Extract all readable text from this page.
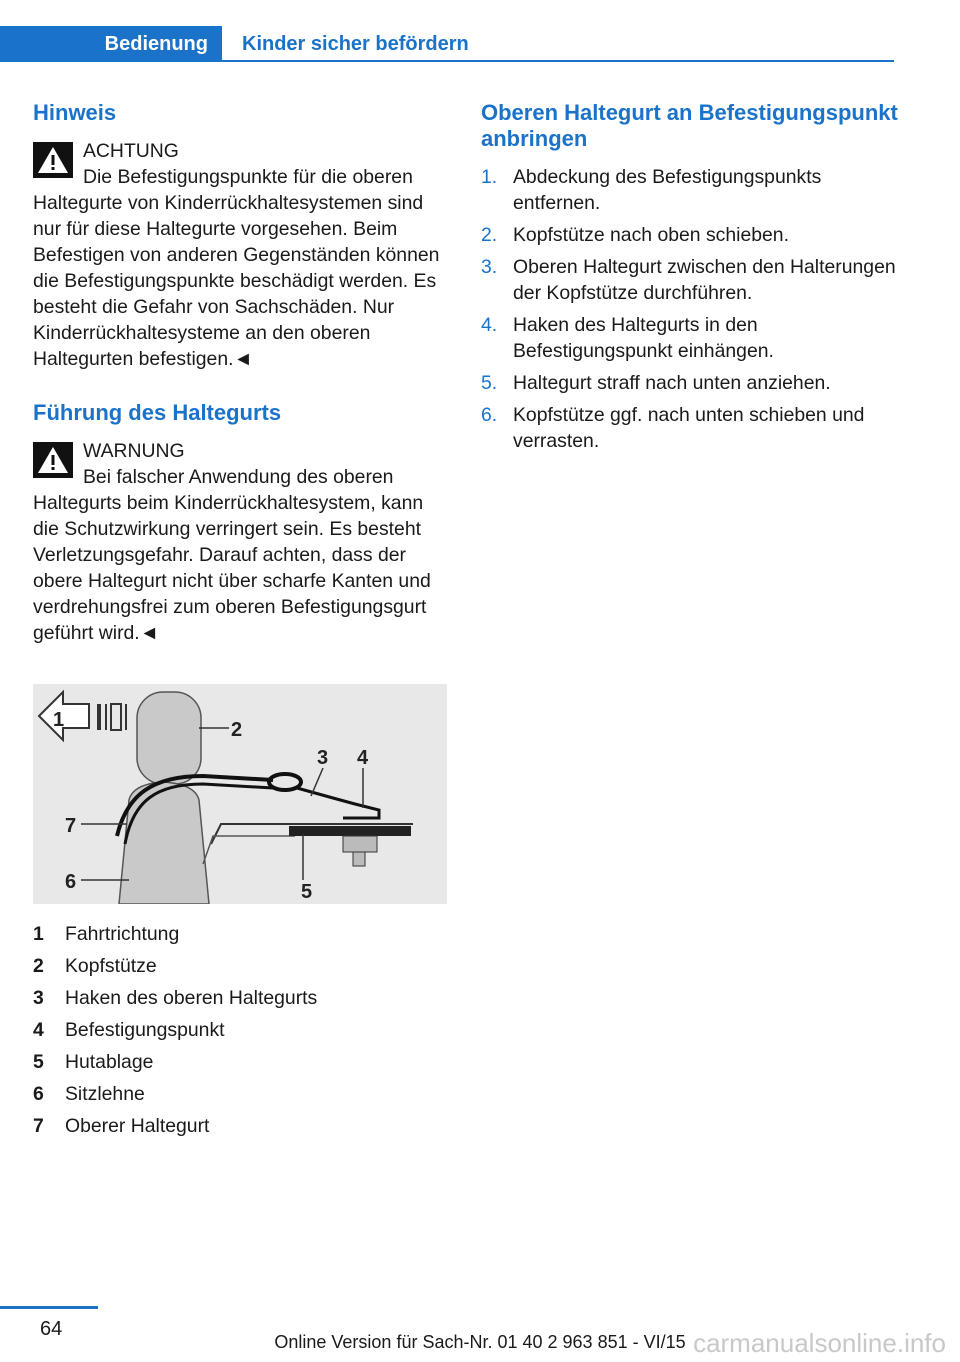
Bedienung	Kinder sicher befördern
Hinweis
ACHTUNG
Die Befestigungspunkte für die oberen Haltegurte von Kinderrückhaltesystemen sind nur für diese Haltegurte vorgesehen. Beim Befestigen von anderen Gegenständen können die Befestigungspunkte beschädigt werden. Es besteht die Gefahr von Sachschäden. Nur Kinderrückhaltesysteme an den oberen Haltegurten befestigen.◄
Führung des Haltegurts
WARNUNG
Bei falscher Anwendung des oberen Haltegurts beim Kinderrückhaltesystem, kann die Schutzwirkung verringert sein. Es besteht Verletzungsgefahr. Darauf achten, dass der obere Haltegurt nicht über scharfe Kanten und verdrehungsfrei zum oberen Befestigungsgurt geführt wird.◄
1	2
3 4
5
6
7
1	Fahrtrichtung
2	Kopfstütze
3	Haken des oberen Haltegurts
4	Befestigungspunkt
5	Hutablage
6	Sitzlehne
7	Oberer Haltegurt
Oberen Haltegurt an Befestigungspunkt anbringen
1. Abdeckung des Befestigungspunkts entfernen.
2. Kopfstütze nach oben schieben.
3. Oberen Haltegurt zwischen den Halterungen der Kopfstütze durchführen.
4. Haken des Haltegurts in den Befestigungspunkt einhängen.
5. Haltegurt straff nach unten anziehen.
6. Kopfstütze ggf. nach unten schieben und verrasten.
64
Online Version für Sach-Nr. 01 40 2 963 851 - VI/15 carmanualsonline.info
